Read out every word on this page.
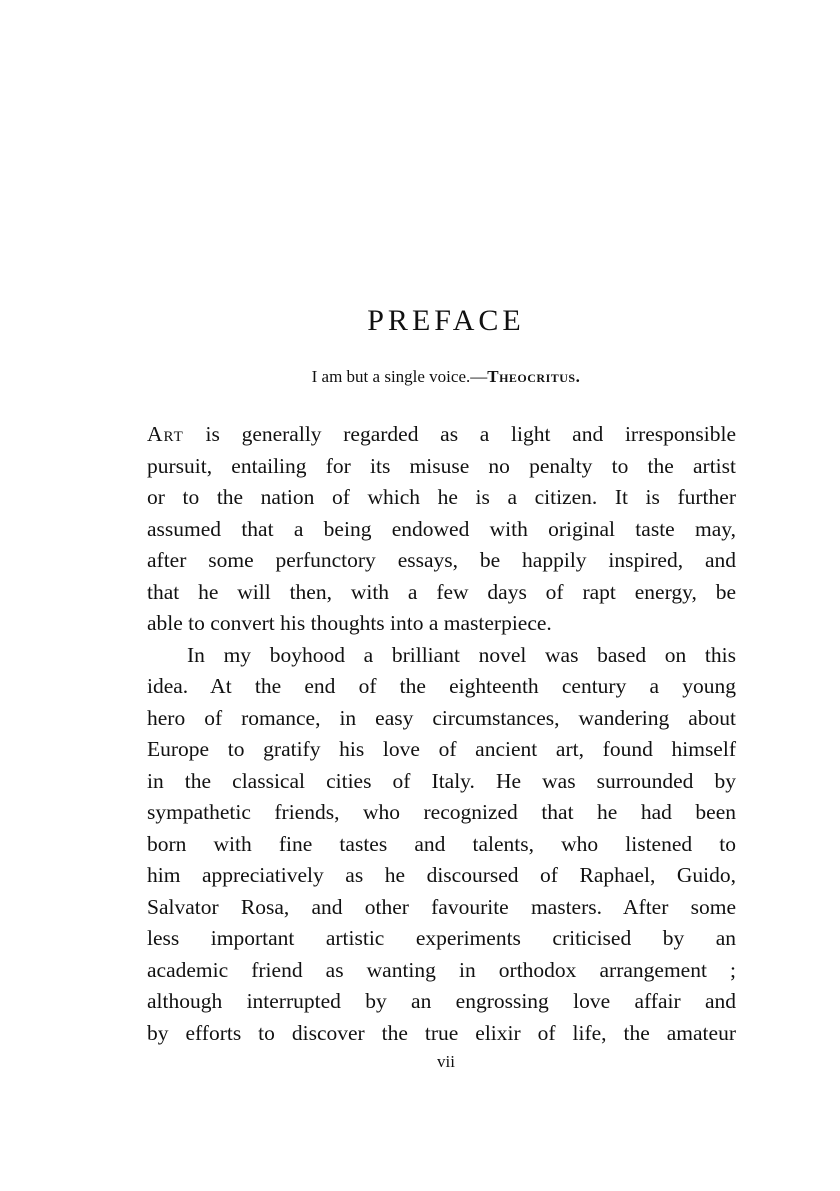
PREFACE
I am but a single voice.—Theocritus.
Art is generally regarded as a light and irresponsible
pursuit, entailing for its misuse no penalty to the artist
or to the nation of which he is a citizen. It is further
assumed that a being endowed with original taste may,
after some perfunctory essays, be happily inspired, and
that he will then, with a few days of rapt energy, be
able to convert his thoughts into a masterpiece.
In my boyhood a brilliant novel was based on this
idea. At the end of the eighteenth century a young
hero of romance, in easy circumstances, wandering about
Europe to gratify his love of ancient art, found himself
in the classical cities of Italy. He was surrounded by
sympathetic friends, who recognized that he had been
born with fine tastes and talents, who listened to
him appreciatively as he discoursed of Raphael, Guido,
Salvator Rosa, and other favourite masters. After some
less important artistic experiments criticised by an
academic friend as wanting in orthodox arrangement ;
although interrupted by an engrossing love affair and
by efforts to discover the true elixir of life, the amateur
vii
